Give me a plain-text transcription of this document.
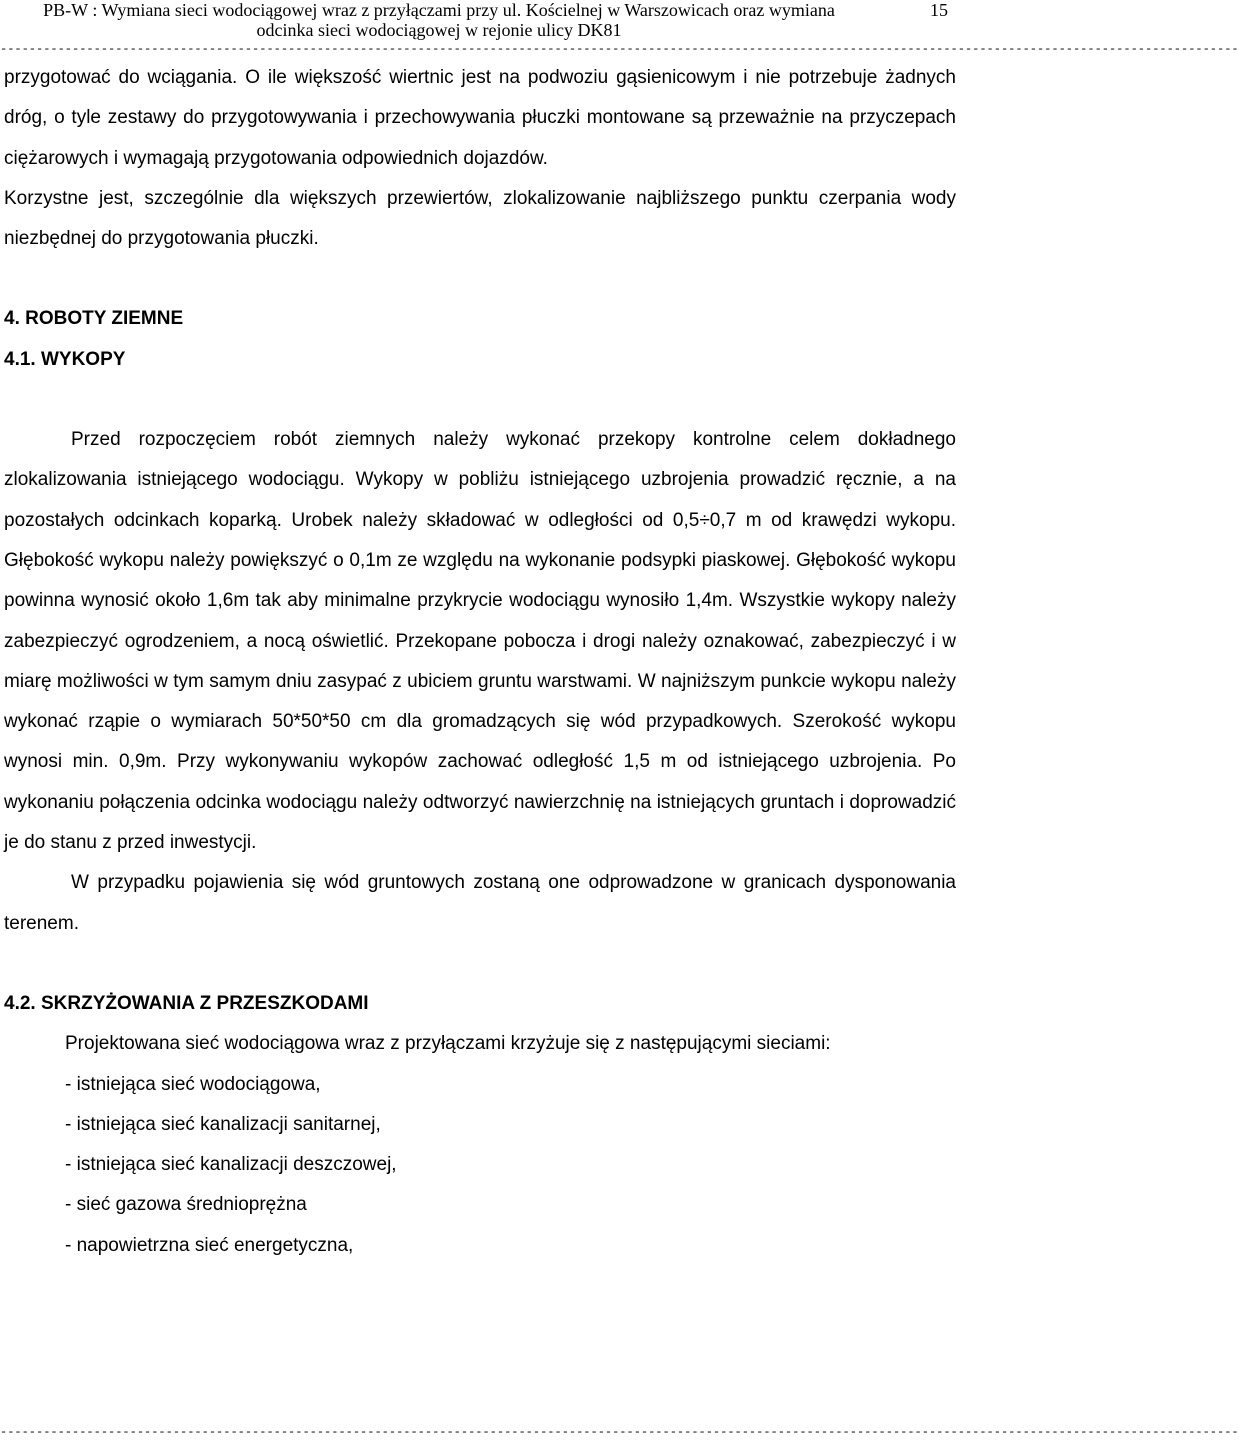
PB-W : Wymiana sieci wodociągowej wraz z przyłączami przy ul. Kościelnej w Warszowicach oraz wymiana
odcinka sieci wodociągowej w rejonie ulicy DK81
15
----------------------------------------------------------------------------------------------------------------------------------------------------------------------------

przygotować do wciągania. O ile większość wiertnic jest na podwoziu gąsienicowym i nie potrzebuje żadnych dróg, o tyle zestawy do przygotowywania i przechowywania płuczki montowane są przeważnie na przyczepach ciężarowych i wymagają przygotowania odpowiednich dojazdów.

Korzystne jest, szczególnie dla większych przewiertów, zlokalizowanie najbliższego punktu czerpania wody niezbędnej do przygotowania płuczki.

4. ROBOTY ZIEMNE

4.1. WYKOPY

Przed rozpoczęciem robót ziemnych należy wykonać przekopy kontrolne celem dokładnego zlokalizowania istniejącego wodociągu. Wykopy w pobliżu istniejącego uzbrojenia prowadzić ręcznie, a na pozostałych odcinkach koparką. Urobek należy składować w odległości od 0,5÷0,7 m od krawędzi wykopu. Głębokość wykopu należy powiększyć o 0,1m ze względu na wykonanie podsypki piaskowej. Głębokość wykopu powinna wynosić około 1,6m tak aby minimalne przykrycie wodociągu wynosiło 1,4m. Wszystkie wykopy należy zabezpieczyć ogrodzeniem, a nocą oświetlić. Przekopane pobocza i drogi należy oznakować, zabezpieczyć i w miarę możliwości w tym samym dniu zasypać z ubiciem gruntu warstwami. W najniższym punkcie wykopu należy wykonać rząpie o wymiarach 50*50*50 cm dla gromadzących się wód przypadkowych. Szerokość wykopu wynosi min. 0,9m. Przy wykonywaniu wykopów zachować odległość 1,5 m od istniejącego uzbrojenia. Po wykonaniu połączenia odcinka wodociągu należy odtworzyć nawierzchnię na istniejących gruntach i doprowadzić je do stanu z przed inwestycji.

W przypadku pojawienia się wód gruntowych zostaną one odprowadzone w granicach dysponowania terenem.

4.2. SKRZYŻOWANIA Z PRZESZKODAMI

Projektowana sieć wodociągowa wraz z przyłączami krzyżuje się z następującymi sieciami:

- istniejąca sieć wodociągowa,

- istniejąca sieć kanalizacji sanitarnej,

- istniejąca sieć kanalizacji deszczowej,

- sieć gazowa średnioprężna

- napowietrzna sieć energetyczna,

----------------------------------------------------------------------------------------------------------------------------------------------------------------------------
